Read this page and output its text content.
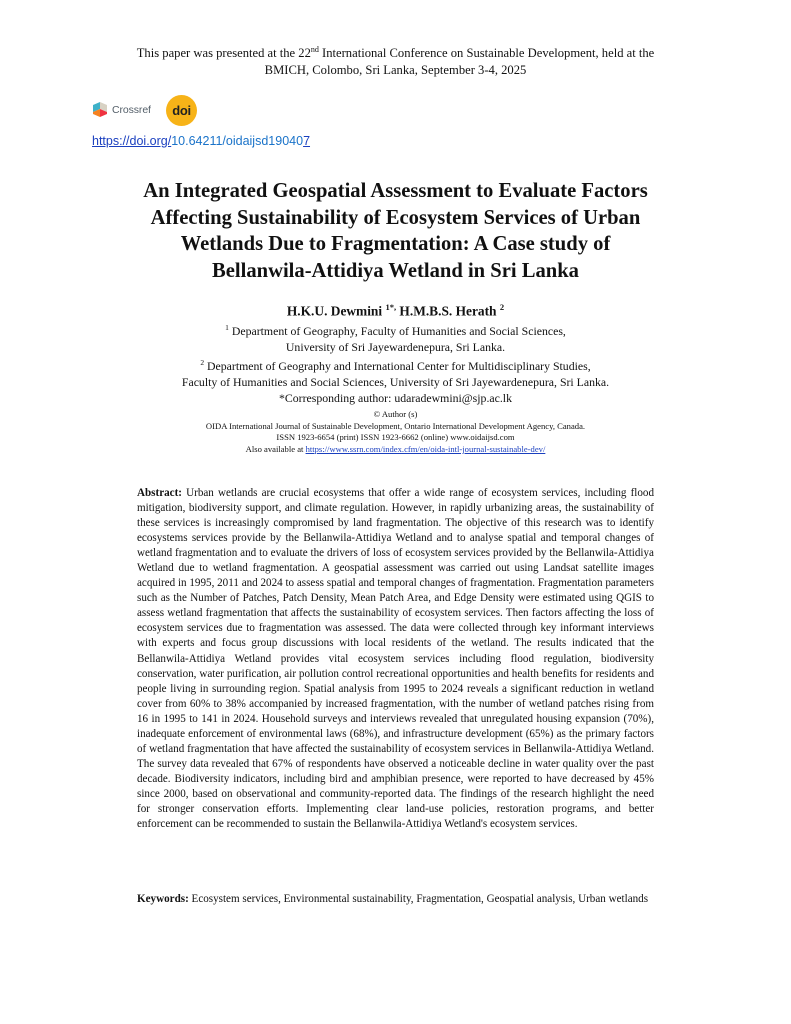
This paper was presented at the 22nd International Conference on Sustainable Development, held at the
BMICH, Colombo, Sri Lanka, September 3-4, 2025
Crossref doi
https://doi.org/10.64211/oidaijsd190407
An Integrated Geospatial Assessment to Evaluate Factors
Affecting Sustainability of Ecosystem Services of Urban
Wetlands Due to Fragmentation: A Case study of
Bellanwila-Attidiya Wetland in Sri Lanka
H.K.U. Dewmini $^{1*,}$ H.M.B.S. Herath $^2$
$^1$ Department of Geography, Faculty of Humanities and Social Sciences,
University of Sri Jayewardenepura, Sri Lanka.
$^2$ Department of Geography and International Center for Multidisciplinary Studies,
Faculty of Humanities and Social Sciences, University of Sri Jayewardenepura, Sri Lanka.
*Corresponding author: udaradewmini@sjp.ac.lk
© Author (s)
OIDA International Journal of Sustainable Development, Ontario International Development Agency, Canada.
ISSN 1923-6654 (print) ISSN 1923-6662 (online) www.oidaijsd.com
Also available at https://www.ssrn.com/index.cfm/en/oida-intl-journal-sustainable-dev/
Abstract: Urban wetlands are crucial ecosystems that offer a wide range of ecosystem services, including flood mitigation, biodiversity support, and climate regulation. However, in rapidly urbanizing areas, the sustainability of these services is increasingly compromised by land fragmentation. The objective of this research was to identify ecosystems services provide by the Bellanwila-Attidiya Wetland and to analyse spatial and temporal changes of wetland fragmentation and to evaluate the drivers of loss of ecosystem services provided by the Bellanwila-Attidiya Wetland due to wetland fragmentation. A geospatial assessment was carried out using Landsat satellite images acquired in 1995, 2011 and 2024 to assess spatial and temporal changes of fragmentation. Fragmentation parameters such as the Number of Patches, Patch Density, Mean Patch Area, and Edge Density were estimated using QGIS to assess wetland fragmentation that affects the sustainability of ecosystem services. Then factors affecting the loss of ecosystem services due to fragmentation was assessed. The data were collected through key informant interviews with experts and focus group discussions with local residents of the wetland. The results indicated that the Bellanwila-Attidiya Wetland provides vital ecosystem services including flood regulation, biodiversity conservation, water purification, air pollution control recreational opportunities and health benefits for residents and people living in surrounding region. Spatial analysis from 1995 to 2024 reveals a significant reduction in wetland cover from 60% to 38% accompanied by increased fragmentation, with the number of wetland patches rising from 16 in 1995 to 141 in 2024. Household surveys and interviews revealed that unregulated housing expansion (70%), inadequate enforcement of environmental laws (68%), and infrastructure development (65%) as the primary factors of wetland fragmentation that have affected the sustainability of ecosystem services in Bellanwila-Attidiya Wetland. The survey data revealed that 67% of respondents have observed a noticeable decline in water quality over the past decade. Biodiversity indicators, including bird and amphibian presence, were reported to have decreased by 45% since 2000, based on observational and community-reported data. The findings of the research highlight the need for stronger conservation efforts. Implementing clear land-use policies, restoration programs, and better enforcement can be recommended to sustain the Bellanwila-Attidiya Wetland's ecosystem services.
Keywords: Ecosystem services, Environmental sustainability, Fragmentation, Geospatial analysis, Urban wetlands
